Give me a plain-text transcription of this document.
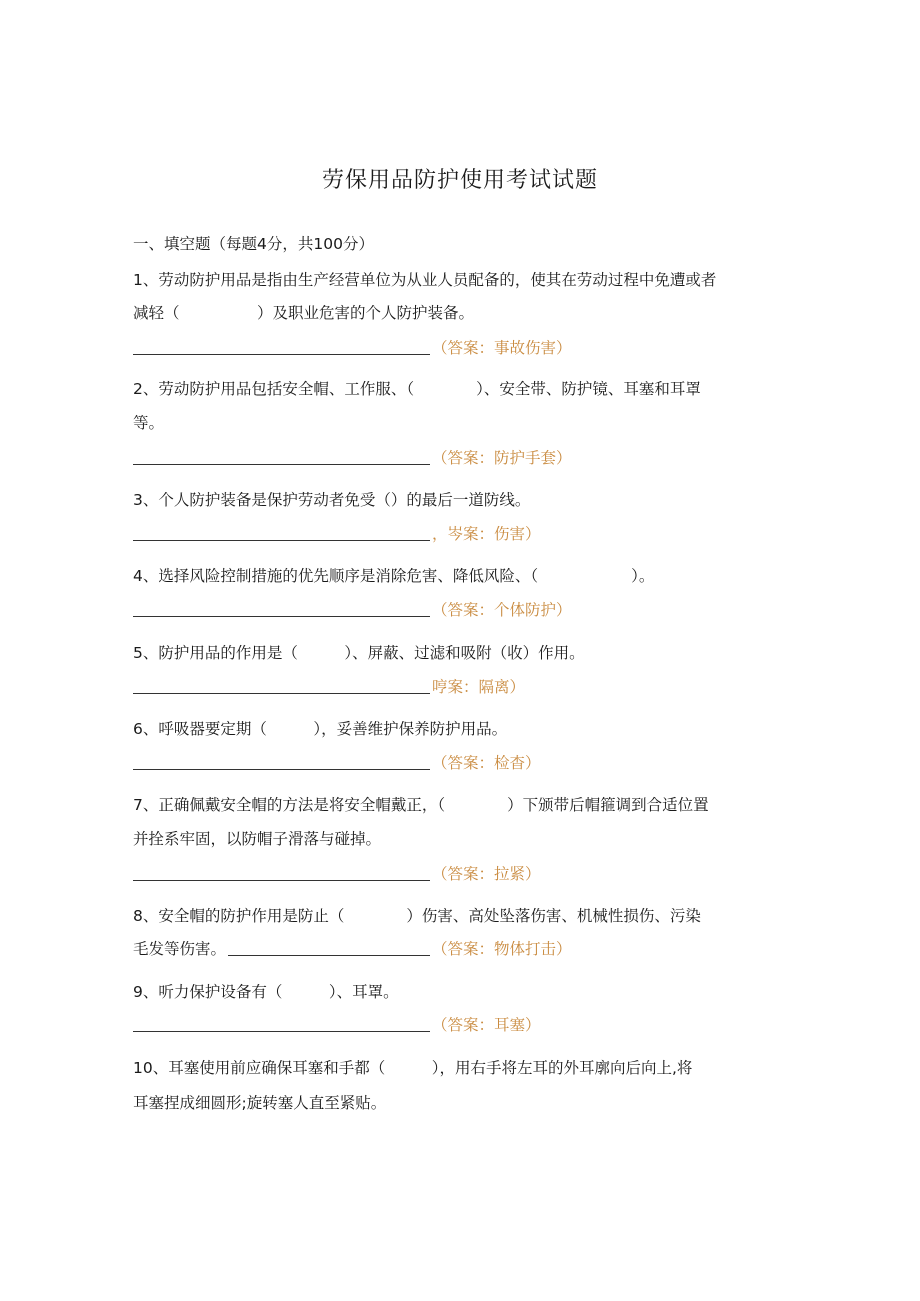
劳保用品防护使用考试试题
一、填空题（每题4分，共100分）
1、劳动防护用品是指由生产经营单位为从业人员配备的，使其在劳动过程中免遭或者
减轻（　　　　　）及职业危害的个人防护装备。
（答案：事故伤害）
2、劳动防护用品包括安全帽、工作服、（　　　　）、安全带、防护镜、耳塞和耳罩
等。
（答案：防护手套）
3、个人防护装备是保护劳动者免受（）的最后一道防线。
，岑案：伤害）
4、选择风险控制措施的优先顺序是消除危害、降低风险、（　　　　　　）。
（答案：个体防护）
5、防护用品的作用是（　　　）、屏蔽、过滤和吸附（收）作用。
哼案：隔离）
6、呼吸器要定期（　　　），妥善维护保养防护用品。
（答案：检杳）
7、正确佩戴安全帽的方法是将安全帽戴正，（　　　　）下颁带后帽箍调到合适位置
并拴系牢固，以防帽子滑落与碰掉。
（答案：拉紧）
8、安全帽的防护作用是防止（　　　　）伤害、高处坠落伤害、机械性损伤、污染
毛发等伤害。	（答案：物体打击）
9、听力保护设备有（　　　）、耳罩。
（答案：耳塞）
10、耳塞使用前应确保耳塞和手都（　　　），用右手将左耳的外耳廓向后向上,将
耳塞捏成细圆形;旋转塞人直至紧贴。
